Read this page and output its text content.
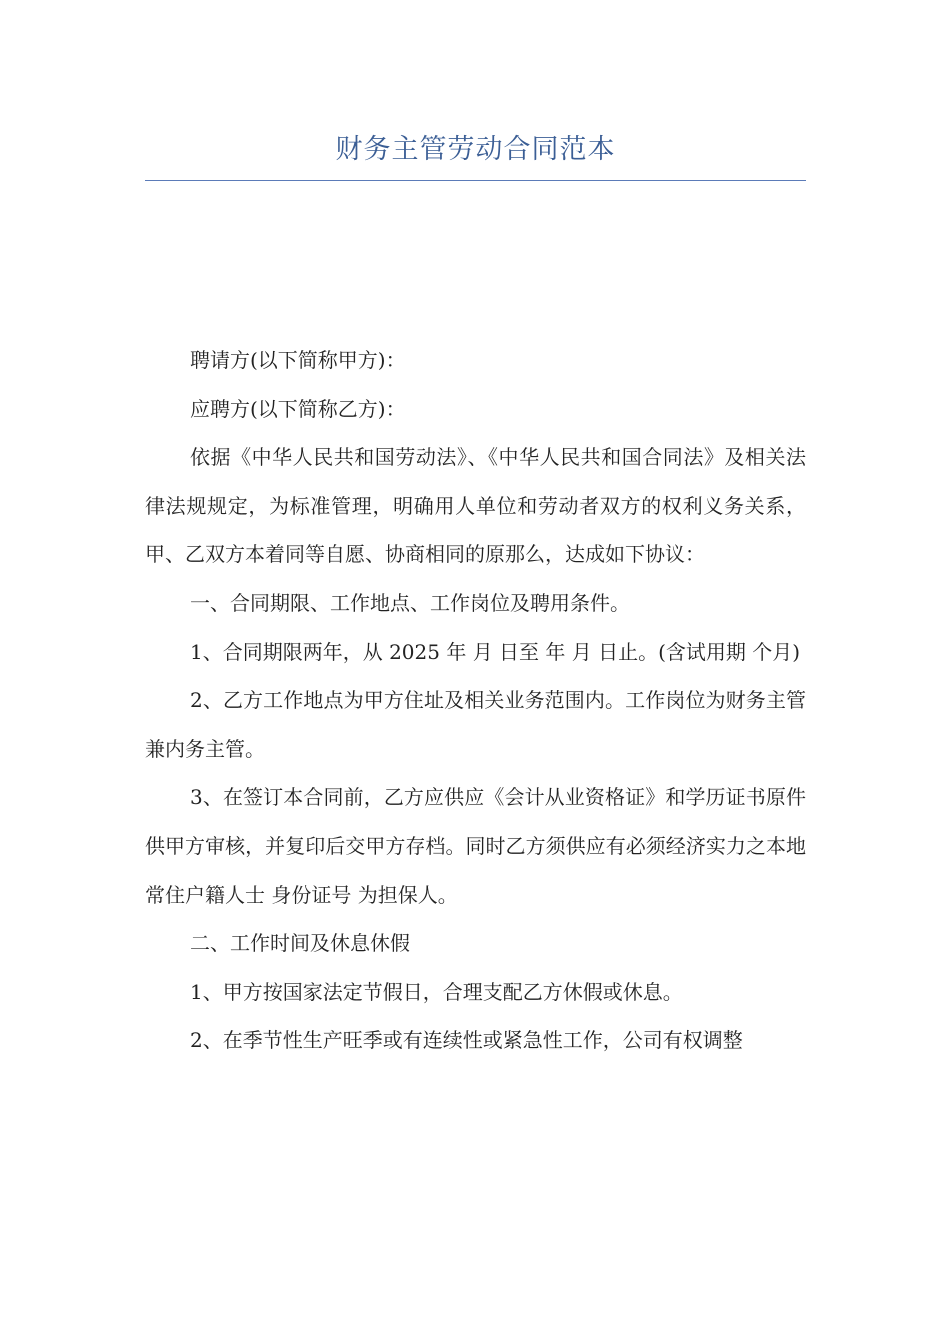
财务主管劳动合同范本

聘请方(以下简称甲方)：

应聘方(以下简称乙方)：

依据《中华人民共和国劳动法》、《中华人民共和国合同法》及相关法律法规规定，为标准管理，明确用人单位和劳动者双方的权利义务关系，甲、乙双方本着同等自愿、协商相同的原那么，达成如下协议：

一、合同期限、工作地点、工作岗位及聘用条件。

1、合同期限两年，从 2025 年 月 日至 年 月 日止。(含试用期 个月)

2、乙方工作地点为甲方住址及相关业务范围内。工作岗位为财务主管兼内务主管。

3、在签订本合同前，乙方应供应《会计从业资格证》和学历证书原件供甲方审核，并复印后交甲方存档。同时乙方须供应有必须经济实力之本地常住户籍人士 身份证号 为担保人。

二、工作时间及休息休假

1、甲方按国家法定节假日，合理支配乙方休假或休息。

2、在季节性生产旺季或有连续性或紧急性工作，公司有权调整
